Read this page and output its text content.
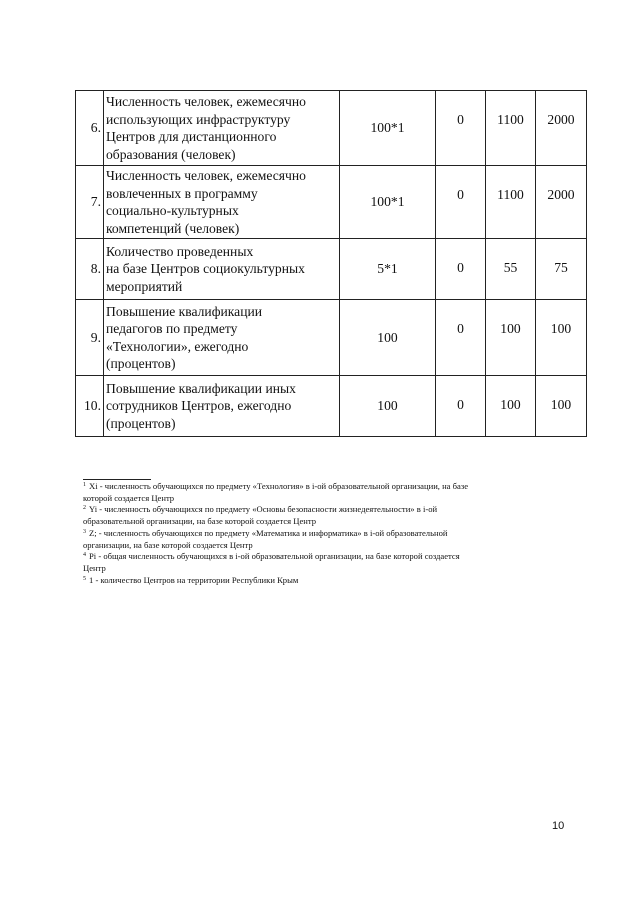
6.	Численность человек, ежемесячно
использующих инфраструктуру
Центров для дистанционного
образования (человек)	100*1	0	1100	2000
7.	Численность человек, ежемесячно
вовлеченных в программу
социально-культурных
компетенций (человек)	100*1	0	1100	2000
8.	Количество проведенных
на базе Центров социокультурных
мероприятий	5*1	0	55	75
9.	Повышение квалификации
педагогов по предмету
«Технологии», ежегодно
(процентов)	100	0	100	100
10.	Повышение квалификации иных
сотрудников Центров, ежегодно
(процентов)	100	0	100	100
$^1$ Xi - численность обучающихся по предмету «Технология» в i-ой образовательной организации, на базе
которой создается Центр
$^2$ Yi - численность обучающихся по предмету «Основы безопасности жизнедеятельности» в i-ой
образовательной организации, на базе которой создается Центр
$^3$ Z; - численность обучающихся по предмету «Математика и информатика» в i-ой образовательной
организации, на базе которой создается Центр
$^4$ Pi - общая численность обучающихся в i-ой образовательной организации, на базе которой создается
Центр
$^5$ 1 - количество Центров на территории Республики Крым
10
